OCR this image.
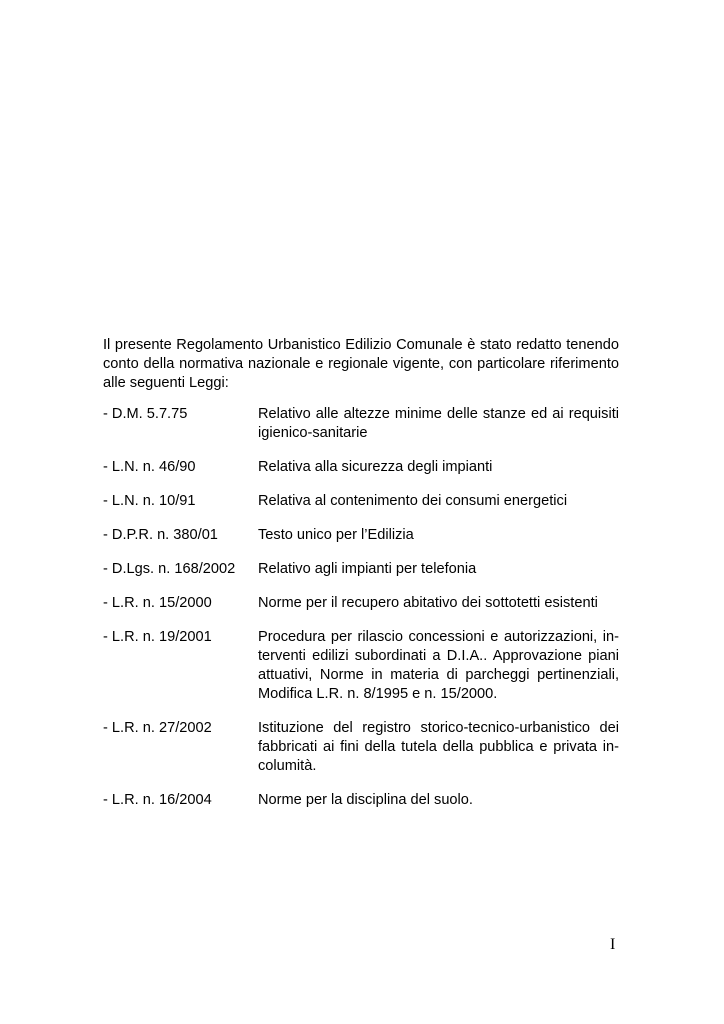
Il presente Regolamento Urbanistico Edilizio Comunale è stato redatto tenendo
conto della normativa nazionale e regionale vigente, con particolare riferimento
alle seguenti Leggi:

- D.M. 5.7.75	Relativo alle altezze minime delle stanze ed ai requisiti
igienico-sanitarie
- L.N. n. 46/90	Relativa alla sicurezza degli impianti
- L.N. n. 10/91	Relativa al contenimento dei consumi energetici
- D.P.R. n. 380/01	Testo unico per l’Edilizia
- D.Lgs. n. 168/2002	Relativo agli impianti per telefonia
- L.R. n. 15/2000	Norme per il recupero abitativo dei sottotetti esistenti
- L.R. n. 19/2001	Procedura per rilascio concessioni e autorizzazioni, in-
terventi edilizi subordinati a D.I.A.. Approvazione piani
attuativi, Norme in materia di parcheggi pertinenziali,
Modifica L.R. n. 8/1995 e n. 15/2000.
- L.R. n. 27/2002	Istituzione del registro storico-tecnico-urbanistico dei
fabbricati ai fini della tutela della pubblica e privata in-
columità.
- L.R. n. 16/2004	Norme per la disciplina del suolo.
I
